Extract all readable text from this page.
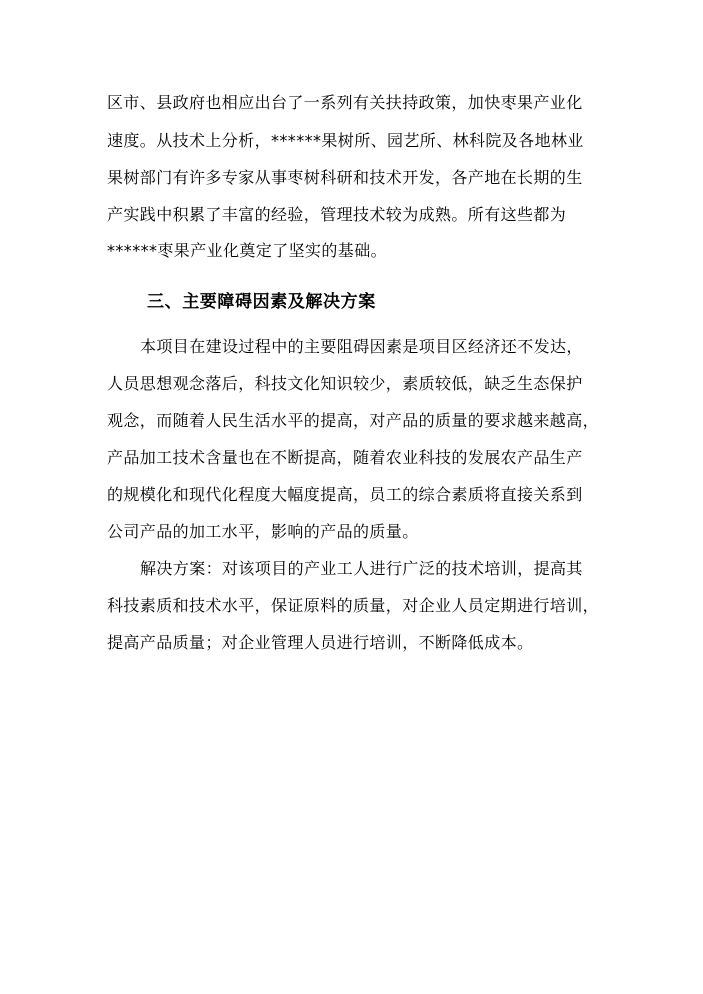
区市、县政府也相应出台了一系列有关扶持政策，加快枣果产业化
速度。从技术上分析，******果树所、园艺所、林科院及各地林业
果树部门有许多专家从事枣树科研和技术开发，各产地在长期的生
产实践中积累了丰富的经验，管理技术较为成熟。所有这些都为
******枣果产业化奠定了坚实的基础。
三、主要障碍因素及解决方案
本项目在建设过程中的主要阻碍因素是项目区经济还不发达，
人员思想观念落后，科技文化知识较少，素质较低，缺乏生态保护
观念，而随着人民生活水平的提高，对产品的质量的要求越来越高，
产品加工技术含量也在不断提高，随着农业科技的发展农产品生产
的规模化和现代化程度大幅度提高，员工的综合素质将直接关系到
公司产品的加工水平，影响的产品的质量。
解决方案：对该项目的产业工人进行广泛的技术培训，提高其
科技素质和技术水平，保证原料的质量，对企业人员定期进行培训，
提高产品质量；对企业管理人员进行培训，不断降低成本。
